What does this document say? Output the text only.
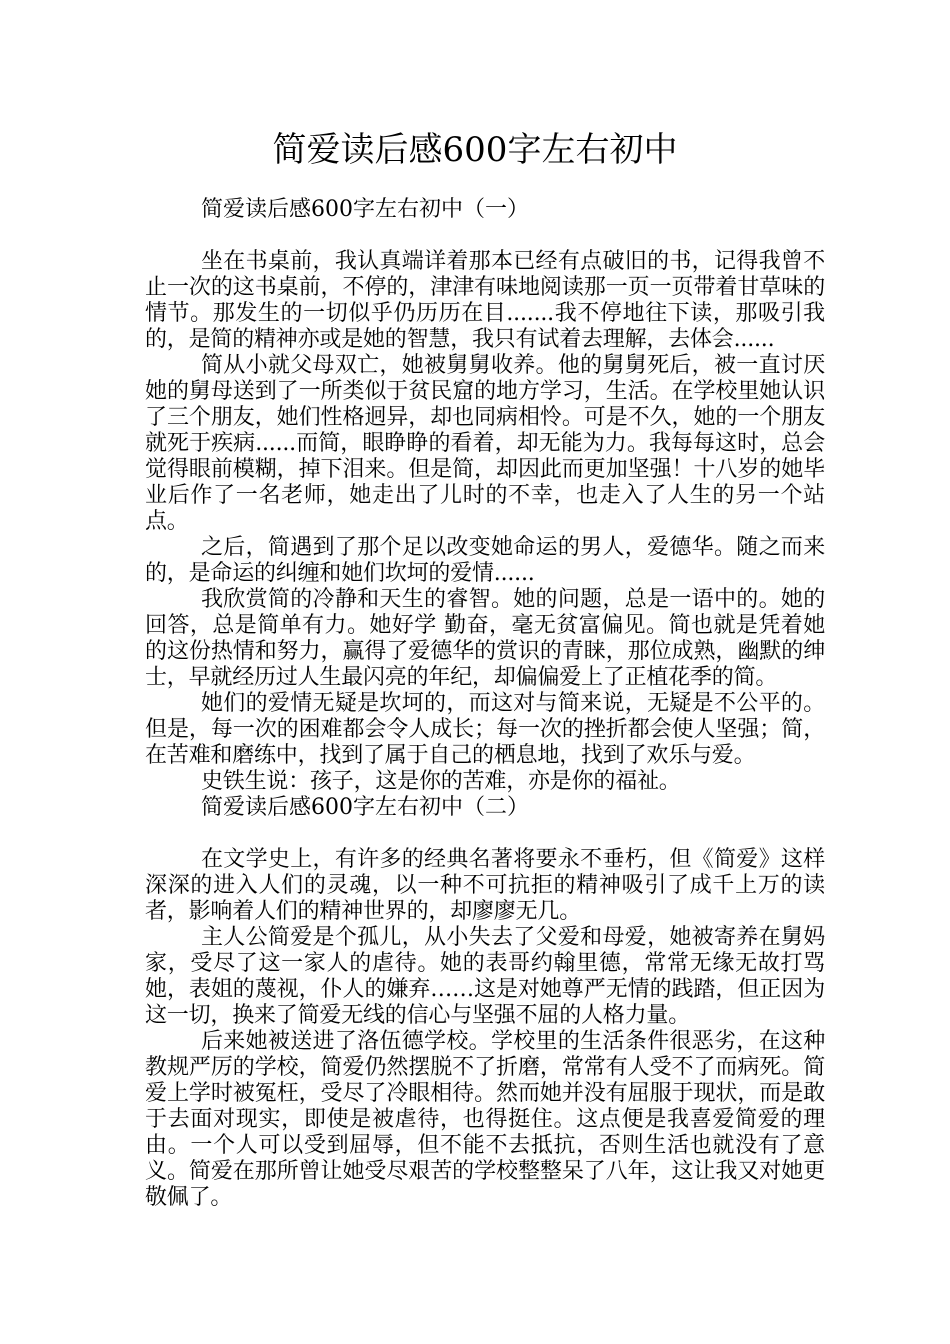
简爱读后感600字左右初中
简爱读后感600字左右初中（一）

坐在书桌前，我认真端详着那本已经有点破旧的书，记得我曾不止一次的这书桌前，不停的，津津有味地阅读那一页一页带着甘草味的情节。那发生的一切似乎仍历历在目.......我不停地往下读，那吸引我的，是简的精神亦或是她的智慧，我只有试着去理解，去体会......

简从小就父母双亡，她被舅舅收养。他的舅舅死后，被一直讨厌她的舅母送到了一所类似于贫民窟的地方学习，生活。在学校里她认识了三个朋友，她们性格迥异，却也同病相怜。可是不久，她的一个朋友就死于疾病......而简，眼睁睁的看着，却无能为力。我每每这时，总会觉得眼前模糊，掉下泪来。但是简，却因此而更加坚强！十八岁的她毕业后作了一名老师，她走出了儿时的不幸，也走入了人生的另一个站点。

之后，简遇到了那个足以改变她命运的男人，爱德华。随之而来的，是命运的纠缠和她们坎坷的爱情......

我欣赏简的冷静和天生的睿智。她的问题，总是一语中的。她的回答，总是简单有力。她好学 勤奋，毫无贫富偏见。简也就是凭着她的这份热情和努力，赢得了爱德华的赏识的青睐，那位成熟，幽默的绅士，早就经历过人生最闪亮的年纪，却偏偏爱上了正植花季的简。

她们的爱情无疑是坎坷的，而这对与简来说，无疑是不公平的。但是，每一次的困难都会令人成长；每一次的挫折都会使人坚强；简，在苦难和磨练中，找到了属于自己的栖息地，找到了欢乐与爱。

史铁生说：孩子，这是你的苦难，亦是你的福祉。

简爱读后感600字左右初中（二）

在文学史上，有许多的经典名著将要永不垂朽，但《简爱》这样深深的进入人们的灵魂，以一种不可抗拒的精神吸引了成千上万的读者，影响着人们的精神世界的，却廖廖无几。

主人公简爱是个孤儿，从小失去了父爱和母爱，她被寄养在舅妈家，受尽了这一家人的虐待。她的表哥约翰里德，常常无缘无故打骂她，表姐的蔑视，仆人的嫌弃……这是对她尊严无情的践踏，但正因为这一切，换来了简爱无线的信心与坚强不屈的人格力量。

后来她被送进了洛伍德学校。学校里的生活条件很恶劣，在这种教规严厉的学校，简爱仍然摆脱不了折磨，常常有人受不了而病死。简爱上学时被冤枉，受尽了冷眼相待。然而她并没有屈服于现状，而是敢于去面对现实，即使是被虐待，也得挺住。这点便是我喜爱简爱的理由。一个人可以受到屈辱，但不能不去抵抗，否则生活也就没有了意义。简爱在那所曾让她受尽艰苦的学校整整呆了八年，这让我又对她更敬佩了。
